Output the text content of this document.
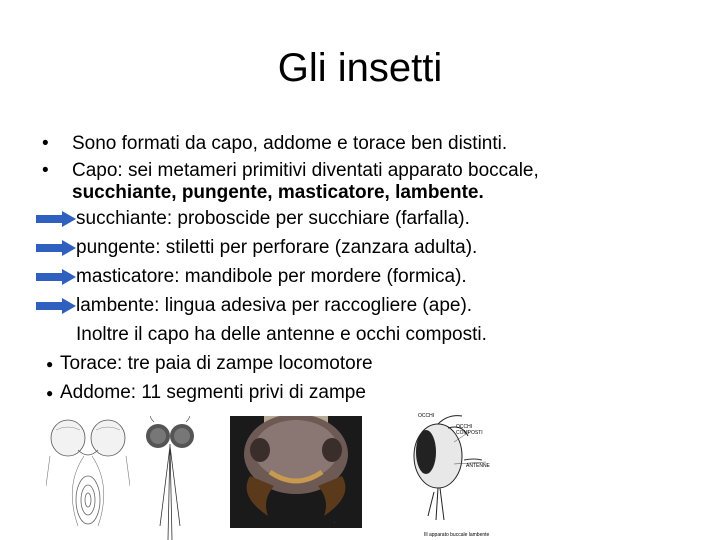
Gli insetti
• Sono formati da capo, addome e torace ben distinti.
• Capo: sei metameri primitivi diventati apparato boccale,
succhiante, pungente, masticatore, lambente.
succhiante: proboscide per succhiare (farfalla).
pungente: stiletti per perforare (zanzara adulta).
masticatore: mandibole per mordere (formica).
lambente: lingua adesiva per raccogliere (ape).
Inoltre il capo ha delle antenne e occhi composti.
● Torace: tre paia di zampe locomotore
● Addome: 11 segmenti privi di zampe
·
OCCHI
OCCHI COMPOSTI
ANTENNE
Ill apparato buccale lambente
